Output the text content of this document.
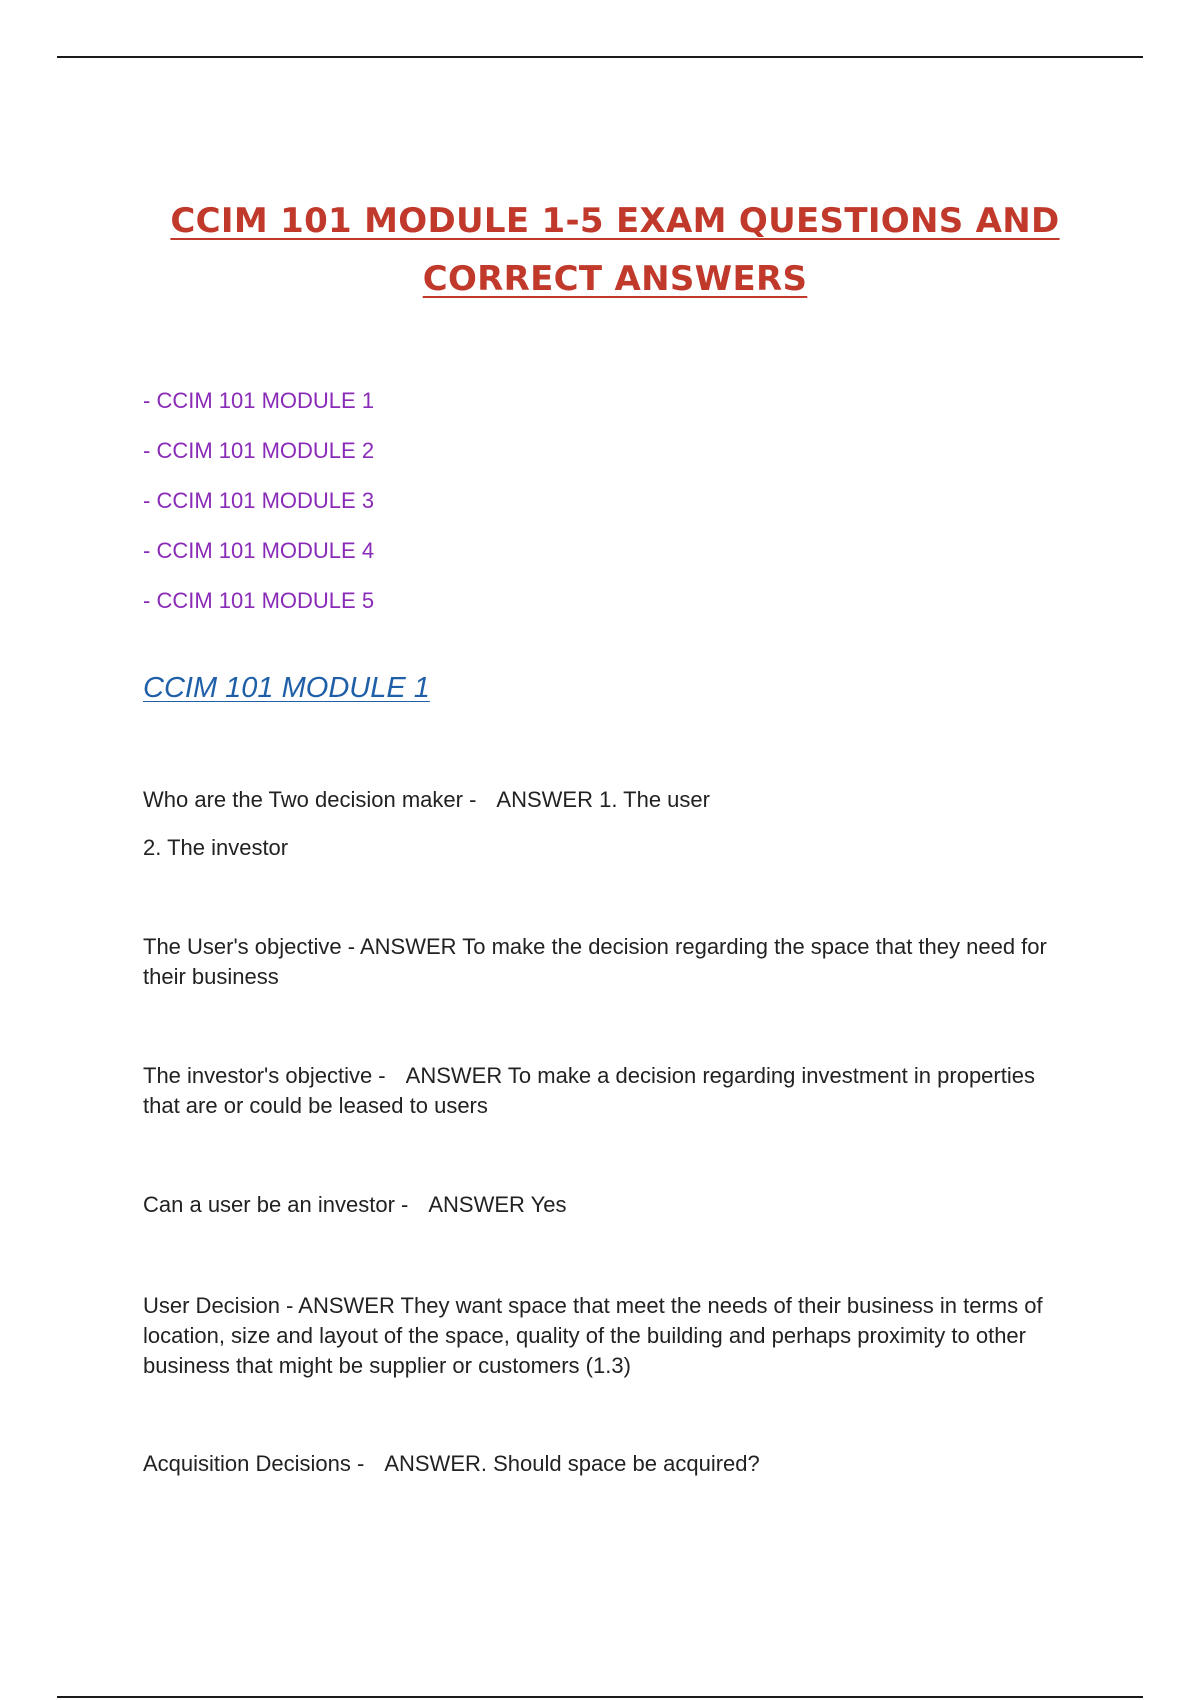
CCIM 101 MODULE 1-5 EXAM QUESTIONS AND
CORRECT ANSWERS
- CCIM 101 MODULE 1
- CCIM 101 MODULE 2
- CCIM 101 MODULE 3
- CCIM 101 MODULE 4
- CCIM 101 MODULE 5
CCIM 101 MODULE 1

Who are the Two decision maker - ANSWER 1. The user
2. The investor

The User's objective - ANSWER To make the decision regarding the space that they need for their business

The investor's objective - ANSWER To make a decision regarding investment in properties that are or could be leased to users

Can a user be an investor - ANSWER Yes

User Decision - ANSWER They want space that meet the needs of their business in terms of location, size and layout of the space, quality of the building and perhaps proximity to other business that might be supplier or customers (1.3)

Acquisition Decisions - ANSWER. Should space be acquired?
